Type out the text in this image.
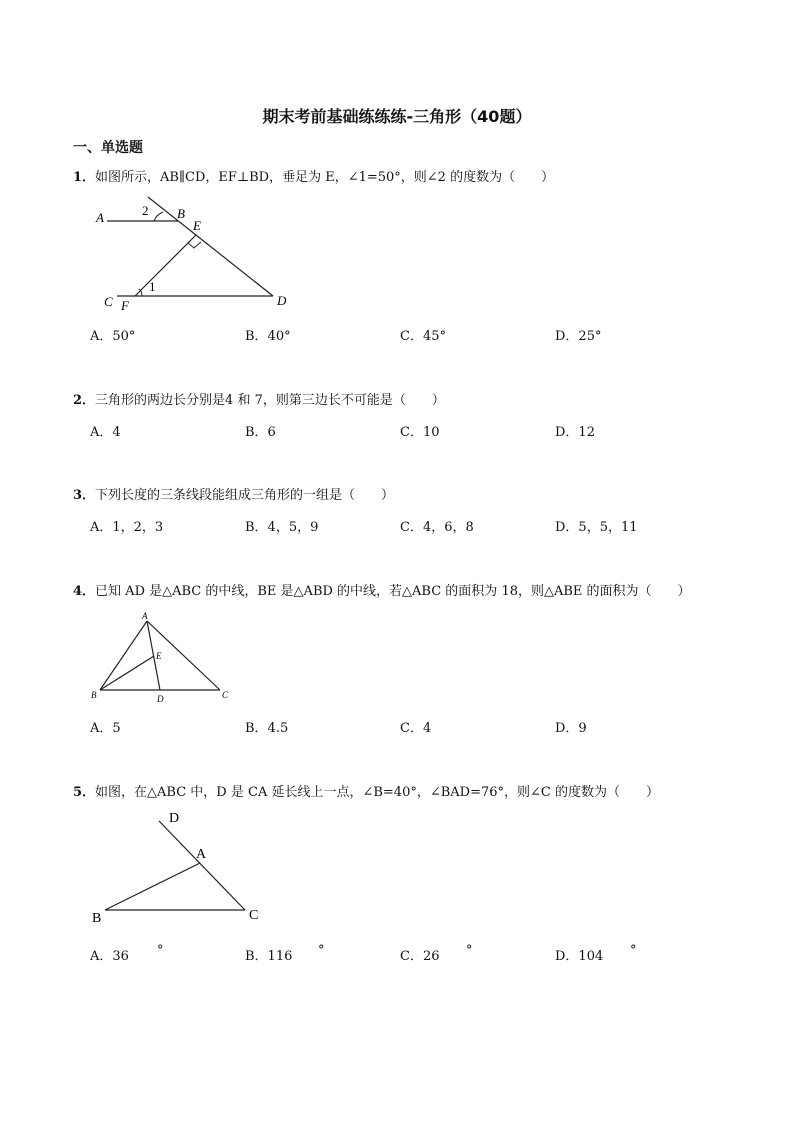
期末考前基础练练练-三角形（40题）
一、单选题
1．如图所示，AB∥CD，EF⊥BD，垂足为 E，∠1=50°，则∠2 的度数为（　　）
A	2 B
E
C F
1
D
A．50°	B．40°	C．45°	D．25°
2．三角形的两边长分别是4 和 7，则第三边长不可能是（　　）
A．4	B．6	C．10	D．12
3．下列长度的三条线段能组成三角形的一组是（　　）
A．1，2，3	B．4，5，9	C．4，6，8	D．5，5，11
4．已知 AD 是△ABC 的中线，BE 是△ABD 的中线，若△ABC 的面积为 18，则△ABE 的面积为（　　）
A
E
B	D	C
A．5	B．4.5	C．4	D．9
5．如图，在△ABC 中，D 是 CA 延长线上一点，∠B=40°，∠BAD=76°，则∠C 的度数为（　　）
D
A
B	C
A．36 °	B．116 °	C．26 °	D．104 °
